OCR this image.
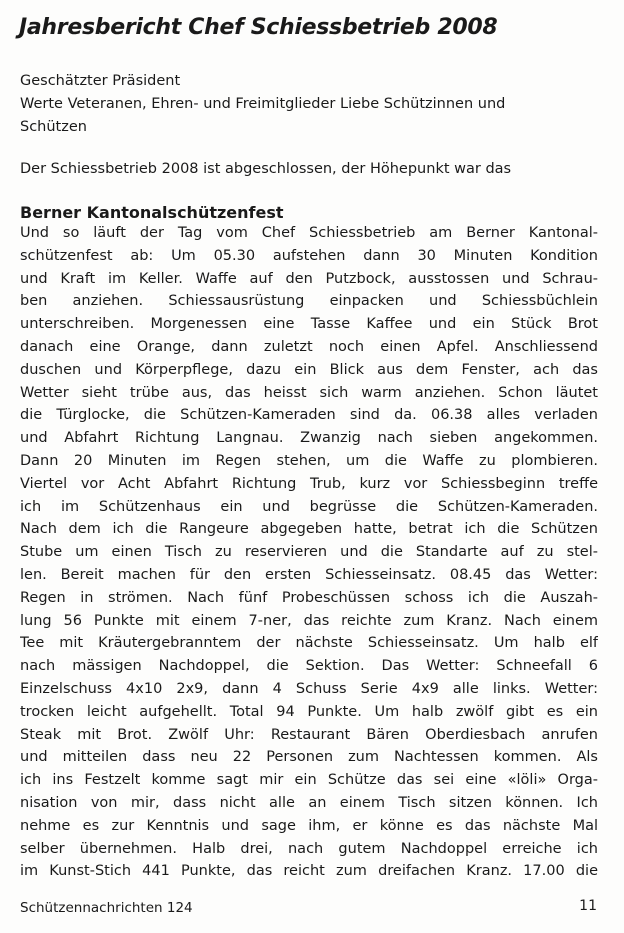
Jahresbericht Chef Schiessbetrieb 2008
Geschätzter Präsident
Werte Veteranen, Ehren- und Freimitglieder Liebe Schützinnen und
Schützen
Der Schiessbetrieb 2008 ist abgeschlossen, der Höhepunkt war das
Berner Kantonalschützenfest
Und so läuft der Tag vom Chef Schiessbetrieb am Berner Kantonal-
schützenfest ab: Um 05.30 aufstehen dann 30 Minuten Kondition
und Kraft im Keller. Waffe auf den Putzbock, ausstossen und Schrau-
ben anziehen. Schiessausrüstung einpacken und Schiessbüchlein
unterschreiben. Morgenessen eine Tasse Kaffee und ein Stück Brot
danach eine Orange, dann zuletzt noch einen Apfel. Anschliessend
duschen und Körperpflege, dazu ein Blick aus dem Fenster, ach das
Wetter sieht trübe aus, das heisst sich warm anziehen. Schon läutet
die Türglocke, die Schützen-Kameraden sind da. 06.38 alles verladen
und Abfahrt Richtung Langnau. Zwanzig nach sieben angekommen.
Dann 20 Minuten im Regen stehen, um die Waffe zu plombieren.
Viertel vor Acht Abfahrt Richtung Trub, kurz vor Schiessbeginn treffe
ich im Schützenhaus ein und begrüsse die Schützen-Kameraden.
Nach dem ich die Rangeure abgegeben hatte, betrat ich die Schützen
Stube um einen Tisch zu reservieren und die Standarte auf zu stel-
len. Bereit machen für den ersten Schiesseinsatz. 08.45 das Wetter:
Regen in strömen. Nach fünf Probeschüssen schoss ich die Auszah-
lung 56 Punkte mit einem 7-ner, das reichte zum Kranz. Nach einem
Tee mit Kräutergebranntem der nächste Schiesseinsatz. Um halb elf
nach mässigen Nachdoppel, die Sektion. Das Wetter: Schneefall 6
Einzelschuss 4x10 2x9, dann 4 Schuss Serie 4x9 alle links. Wetter:
trocken leicht aufgehellt. Total 94 Punkte. Um halb zwölf gibt es ein
Steak mit Brot. Zwölf Uhr: Restaurant Bären Oberdiesbach anrufen
und mitteilen dass neu 22 Personen zum Nachtessen kommen. Als
ich ins Festzelt komme sagt mir ein Schütze das sei eine «löli» Orga-
nisation von mir, dass nicht alle an einem Tisch sitzen können. Ich
nehme es zur Kenntnis und sage ihm, er könne es das nächste Mal
selber übernehmen. Halb drei, nach gutem Nachdoppel erreiche ich
im Kunst-Stich 441 Punkte, das reicht zum dreifachen Kranz. 17.00 die
Schützennachrichten 124	11
